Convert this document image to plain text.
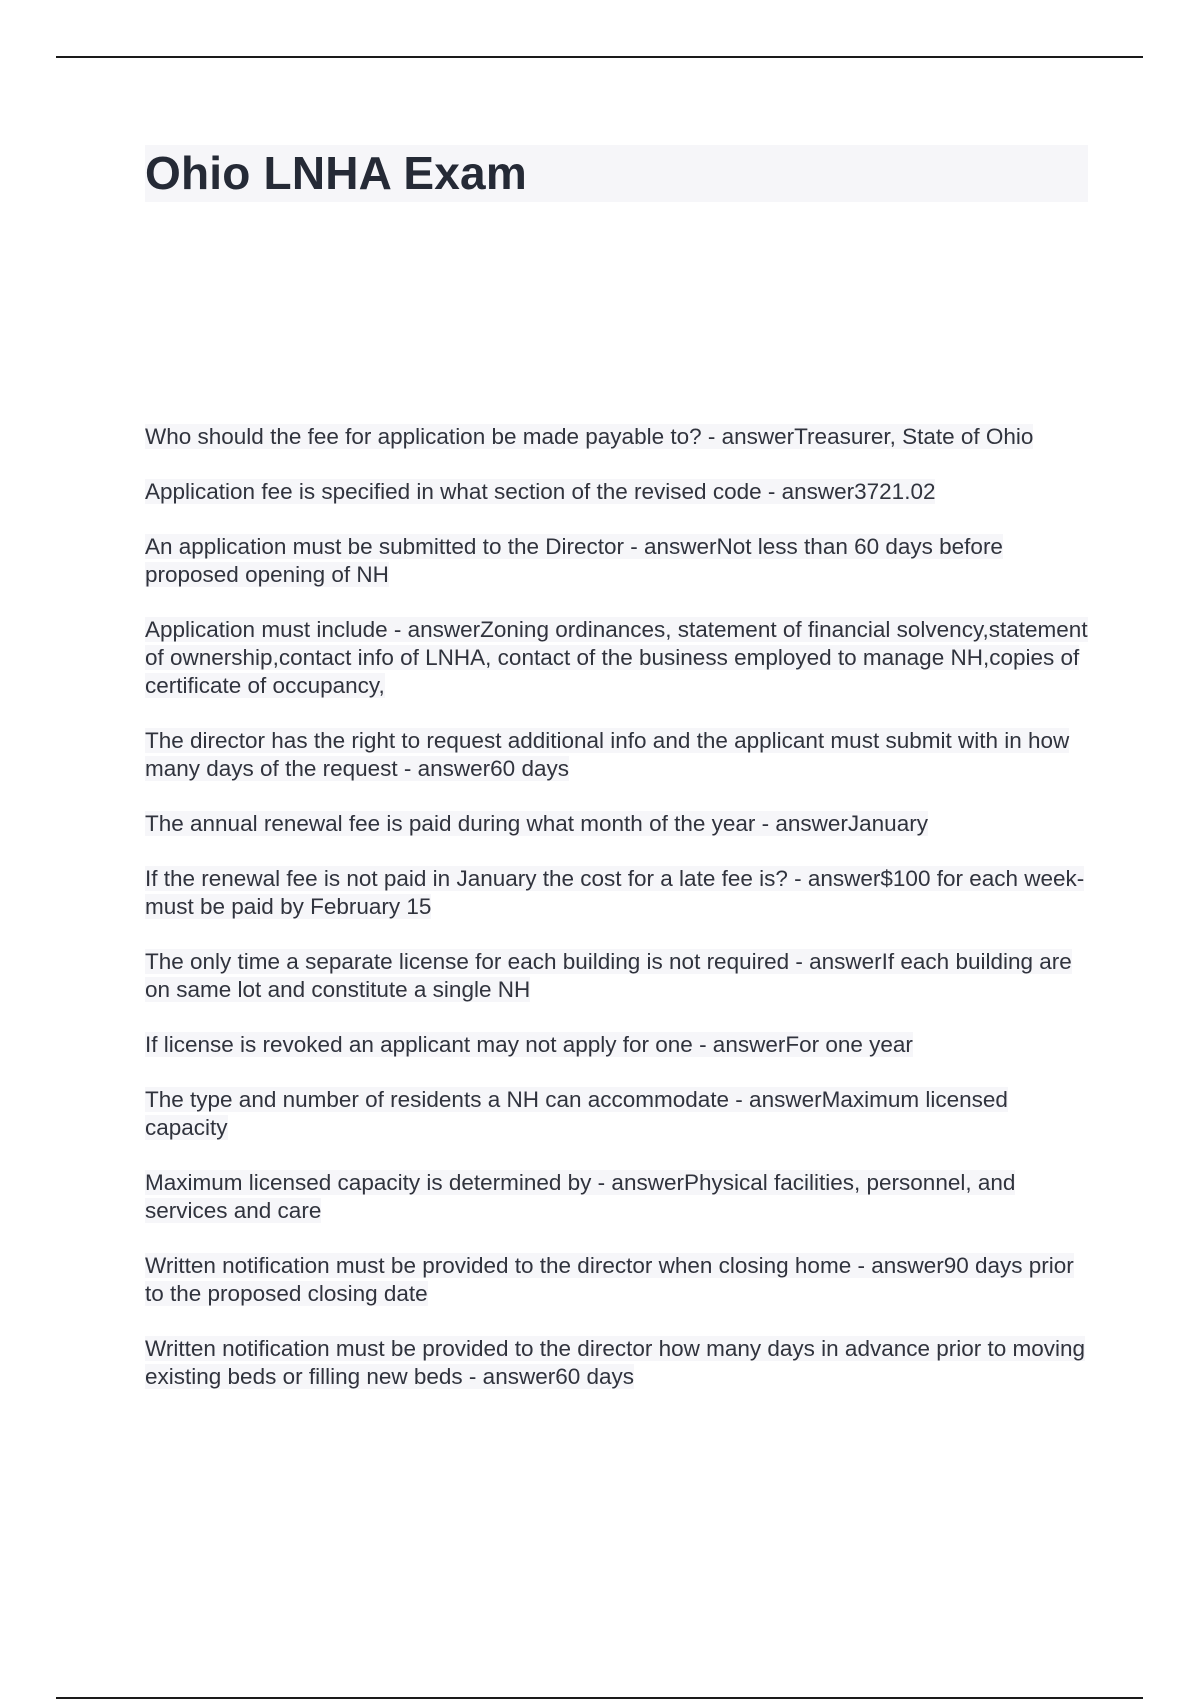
Ohio LNHA Exam
Who should the fee for application be made payable to? - answerTreasurer, State of Ohio
Application fee is specified in what section of the revised code - answer3721.02
An application must be submitted to the Director - answerNot less than 60 days before proposed opening of NH
Application must include - answerZoning ordinances, statement of financial solvency,statement of ownership,contact info of LNHA, contact of the business employed to manage NH,copies of certificate of occupancy,
The director has the right to request additional info and the applicant must submit with in how many days of the request - answer60 days
The annual renewal fee is paid during what month of the year - answerJanuary
If the renewal fee is not paid in January the cost for a late fee is? - answer$100 for each week- must be paid by February 15
The only time a separate license for each building is not required - answerIf each building are on same lot and constitute a single NH
If license is revoked an applicant may not apply for one - answerFor one year
The type and number of residents a NH can accommodate - answerMaximum licensed capacity
Maximum licensed capacity is determined by - answerPhysical facilities, personnel, and services and care
Written notification must be provided to the director when closing home - answer90 days prior to the proposed closing date
Written notification must be provided to the director how many days in advance prior to moving existing beds or filling new beds - answer60 days
